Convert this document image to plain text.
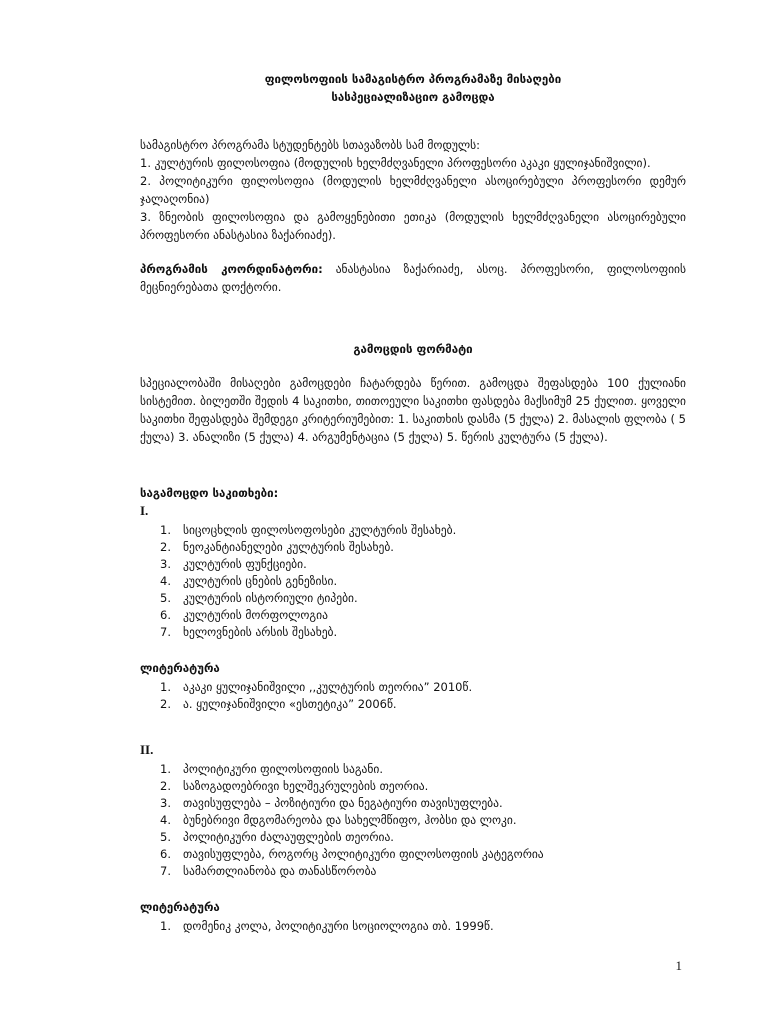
ფილოსოფიის სამაგისტრო პროგრამაზე მისაღები

სასპეციალიზაციო გამოცდა

სამაგისტრო პროგრამა სტუდენტებს სთავაზობს სამ მოდულს:
1. კულტურის ფილოსოფია (მოდულის ხელმძღვანელი პროფესორი აკაკი ყულიჯანიშვილი).
2. პოლიტიკური ფილოსოფია (მოდულის ხელმძღვანელი ასოცირებული პროფესორი დემურ ჯალაღონია)
3. ზნეობის ფილოსოფია და გამოყენებითი ეთიკა (მოდულის ხელმძღვანელი ასოცირებული პროფესორი ანასტასია ზაქარიაძე).

პროგრამის კოორდინატორი: ანასტასია ზაქარიაძე, ასოც. პროფესორი, ფილოსოფიის მეცნიერებათა დოქტორი.

გამოცდის ფორმატი

სპეციალობაში მისაღები გამოცდები ჩატარდება წერით. გამოცდა შეფასდება 100 ქულიანი სისტემით. ბილეთში შედის 4 საკითხი, თითოეული საკითხი ფასდება მაქსიმუმ 25 ქულით. ყოველი საკითხი შეფასდება შემდეგი კრიტერიუმებით: 1. საკითხის დასმა (5 ქულა) 2. მასალის ფლობა ( 5 ქულა) 3. ანალიზი (5 ქულა) 4. არგუმენტაცია (5 ქულა) 5. წერის კულტურა (5 ქულა).

საგამოცდო საკითხები:
I.
1. სიცოცხლის ფილოსოფოსები კულტურის შესახებ.
2. ნეოკანტიანელები კულტურის შესახებ.
3. კულტურის ფუნქციები.
4. კულტურის ცნების გენეზისი.
5. კულტურის ისტორიული ტიპები.
6. კულტურის მორფოლოგია
7. ხელოვნების არსის შესახებ.
ლიტერატურა
1. აკაკი ყულიჯანიშვილი ,,კულტურის თეორია” 2010წ.
2. ა. ყულიჯანიშვილი «ესთეტიკა” 2006წ.
II.
1. პოლიტიკური ფილოსოფიის საგანი.
2. საზოგადოებრივი ხელშეკრულების თეორია.
3. თავისუფლება – პოზიტიური და ნეგატიური თავისუფლება.
4. ბუნებრივი მდგომარეობა და სახელმწიფო, ჰობსი და ლოკი.
5. პოლიტიკური ძალაუფლების თეორია.
6. თავისუფლება, როგორც პოლიტიკური ფილოსოფიის კატეგორია
7. სამართლიანობა და თანასწორობა
ლიტერატურა
1. დომენიკ კოლა, პოლიტიკური სოციოლოგია თბ. 1999წ.
1
